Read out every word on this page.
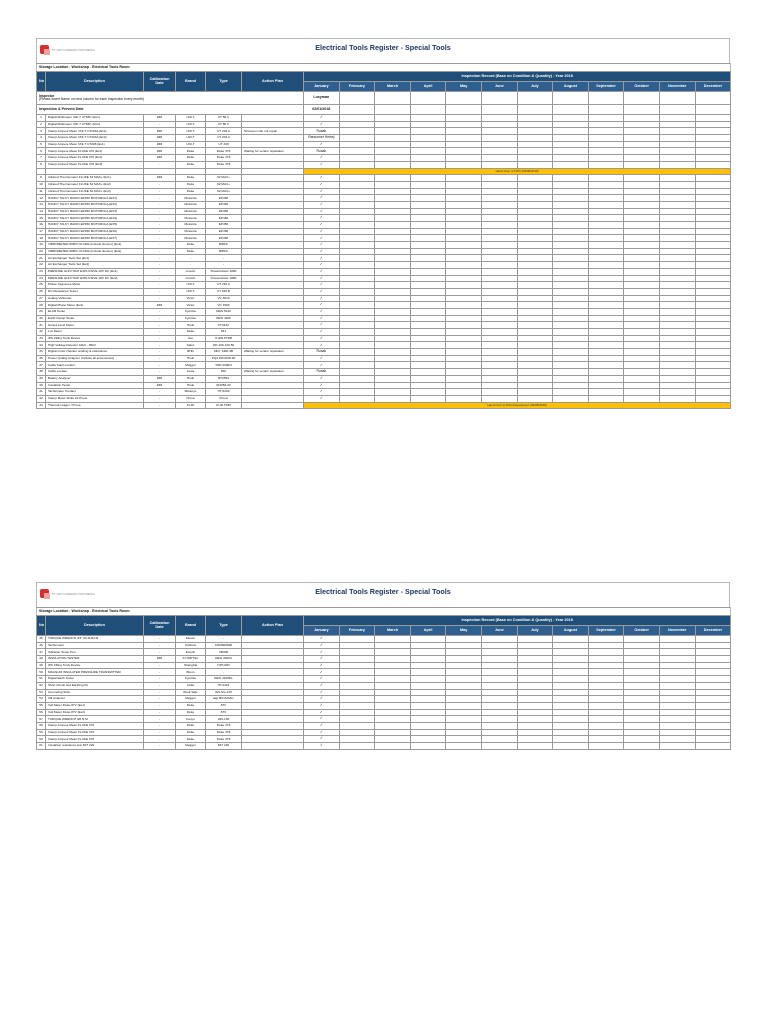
PT ISS CATERING INDONESIA	Electrical Tools Register - Special Tools
Storage Location : Workshop . Electrical Tools Room																	
No	Description	Calibration Date	Brand	Type	Action Plan	Inspection Record (Base on Condition & Quantity) - Year 2018											
						January	February	March	April	May	June	July	August	September	October	November	December
Inspector
(Please Insert Name on next column for each inspection every month)						Lusyman											
Inspection & Prevent Date						02/01/2018											
1	Digital Multimeter UNI-T UT58C (Ex1)	###	UNI-T	UT 58 C		✓											
2	Digital Multimeter UNI-T UT58C (Ex2)	-	UNI-T	UT 58 C		✓											
3	Clamp Ampere Meter UNI-T UT204A (Ex1)	###	UNI-T	UT 204 A	Strompen can not repair	Rusak											
4	Clamp Ampere Meter UNI-T UT204A (Ex2)	###	UNI-T	UT 204 A		Ransomer Hmbsj											
5	Clamp Ampere Meter UNI-T UT208 (Ex1)	###	UNI-T	UT 208		✓											
6	Clamp Ampere Meter FLUKE 376 (Ex1)	###	Fluke	Fluke 376	Waiting for vendor reparation	Rusak											
7	Clamp Ampere Meter FLUKE 376 (Ex2)	###	Fluke	Fluke 376		✓											
8	Clamp Ampere Meter FLUKE 376 (Ex3)	-	Fluke	Fluke 376		✓											
						Hand Over to DSO (08/08/2018)											
9	Infrared Thermometer FLUKE 62 MAX+ (Ex1)	###	Fluke	62 MAX+		✓											
10	Infrared Thermometer FLUKE 62 MAX+ (Ex2)	-	Fluke	62 MAX+		✓											
11	Infrared Thermometer FLUKE 62 MAX+ (Ex3)	-	Fluke	62 MAX+		✓											
12	HANDY TALKY RADIO EP450 MOTOROLA (EX1)	-	Motorola	EP450		✓											
13	HANDY TALKY RADIO EP450 MOTOROLA (EX2)	-	Motorola	EP450		✓											
14	HANDY TALKY RADIO EP450 MOTOROLA (EX3)	-	Motorola	EP450		✓											
15	HANDY TALKY RADIO EP450 MOTOROLA (EX4)	-	Motorola	EP450		✓											
16	HANDY TALKY RADIO EP450 MOTOROLA (EX5)	-	Motorola	EP450		✓											
17	HANDY TALKY RADIO EP450 MOTOROLA (EX6)	-	Motorola	EP450		✓											
18	HANDY TALKY RADIO EP450 MOTOROLA (EX7)	-	Motorola	EP450		✓											
19	VIBROMETER 805FC FLUKE (Include Sensor) (Ex1)	-	Fluke	805FC		✓											
20	VIBROMETER 805FC FLUKE (Include Sensor) (Ex2)	-	Fluke	805FC		✓											
21	Air Exchanger Tools Set (Ex1)	-	-	-		✓											
22	Air Exchanger Tools Set (Ex2)	-	-	-		✓											
23	PRESURE GUN HIGH EXPLOSIVE 18V DC (Ex1)	-	Lincoln	Powerlubster 1880		✓											
24	PRESURE GUN HIGH EXPLOSIVE 18V DC (Ex2)	-	Lincoln	Powerlubster 1880		✓											
25	Phase Sequence Meter	-	UNI-T	UT 262 A		✓											
26	DC Resistance Tester	-	UNI-T	UT 620 B		✓											
27	Analog Voltmeter	-	Victor	VC 3010		✓											
28	Digital Phase Meter (Ex1)	###	Victor	VC 1500		✓											
29	ELCB Tester	-	Kyoritsu	KEW 5410		✓											
30	Earth Clamp Tester	-	Kyoritsu	KEW 4200		✓											
31	Sound Level Meter	-	Hioki	FT3432		✓											
32	Lux Meter	-	Fluke	941		✓											
33	IPS Filling Tools Device	-	Gto	X-IDS-PH08		✓											
34	High Voltage Detector 10kV - 35kV	-	Sales	OD-100-120-50		✓											
35	Digital motor checker winding & inductance	-	BHD	MDY SRD-3B	Waiting for vendor reparation	Rusak											
36	Power Quality Analyzer (Include all accessories)	-	Hioki	PQ3 PW3198-90		✓											
37	Cable Fault Locator	-	Megger	TDR 2000/3		✓											
38	Cable Locator	-	Leica	DDI	Waiting for vendor reparation	Rusak											
39	Battery Analyzer	###	Hioki	BT3554		✓											
40	Insulation Tester	###	Hioki	IR4056-20		✓											
41	Tachometer Contact	-	Mitutoyo	HT-5200		✓											
42	Clamp Meter Fluke 2L Prova	-	Prova	Prova		✓											
43	Thermal Imager / Proca	-	FLIR	FLIR T530		Hand Over to DSO Department (09/08/2018)											
PT ISS CATERING INDONESIA	Electrical Tools Register - Special Tools
Storage Location : Workshop . Electrical Tools Room																	
No	Description	Calibration Date	Brand	Type	Action Plan	Inspection Record (Base on Condition & Quantity) - Year 2018											
						January	February	March	April	May	June	July	August	September	October	November	December
45	TORQUE WRENCH 3/4" 20-110N.M	-	Facom	-		✓											
46	Tachometer	-	Krisbow	KW0600828		✓											
47	Vibration Tester Pen	-	Extech	VB300		✓											
48	INSULATION TESTER	###	KYORITSU	KEW 3025A		✓											
49	IPS Filling Tools Device	-	Shanghai	HJH-IRD		✓											
50	MAGNUM INSULATED PRESSURE TRANSMITTER	-	Bluun	-		✓											
51	Digital Earth Tester	-	Kyoritsu	KEW 4105DL		✓											
52	Short Circuit and Earthing Kit	-	Cattu	HT-0401		✓											
53	Grounding Stick	-	Work Safe	WS-SG-125		✓											
54	CB Analyzer	-	Megger	Egr BN-6263C		✓											
55	Volt Meter Fluke 87V (Ex1)	-	Fluke	87V		✓											
56	Volt Meter Fluke 87V (Ex2)	-	Fluke	87V		✓											
57	TORQUE WRENCH 3/8 N.M	-	Fanyu	220-135		✓											
58	Clamp Ampere Meter FLUKE 376	-	Fluke	Fluke 376		✓											
59	Clamp Ampere Meter FLUKE 376	-	Fluke	Fluke 376		✓											
60	Clamp Ampere Meter FLUKE 376	-	Fluke	Fluke 376		✓											
61	Insulation resistance test MIT 220	-	Megger	MIT 220		✓											
